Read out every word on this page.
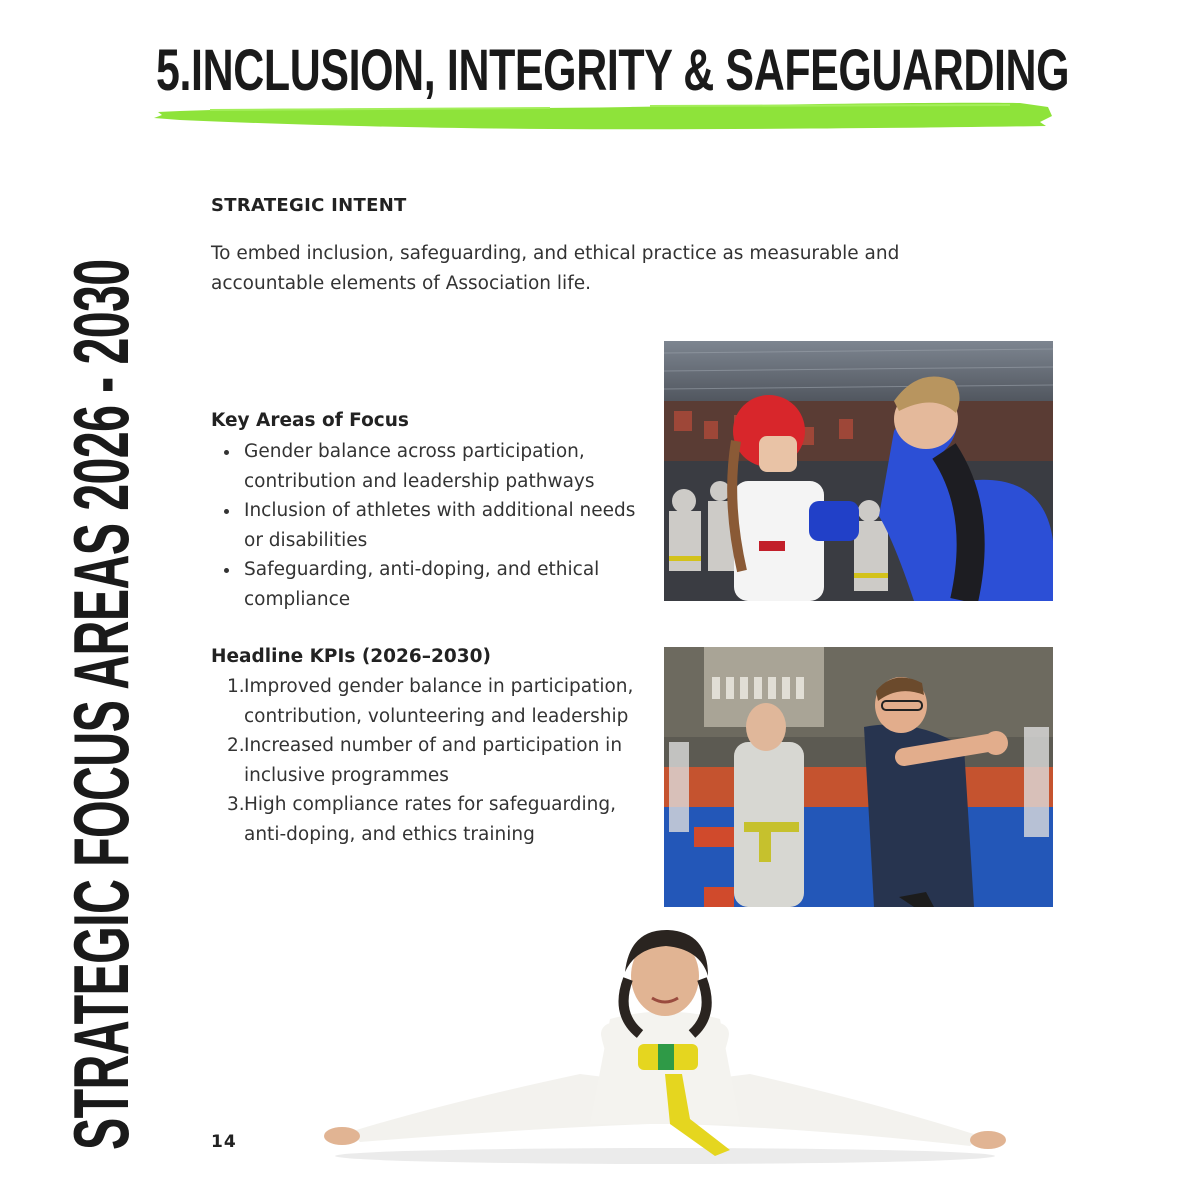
STRATEGIC FOCUS AREAS 2026 - 2030
5.INCLUSION, INTEGRITY & SAFEGUARDING
STRATEGIC INTENT
To embed inclusion, safeguarding, and ethical practice as measurable and accountable elements of Association life.
Key Areas of Focus
Gender balance across participation, contribution and leadership pathways
Inclusion of athletes with additional needs or disabilities
Safeguarding, anti-doping, and ethical compliance
Headline KPIs (2026–2030)
1. Improved gender balance in participation, contribution, volunteering and leadership
2. Increased number of and participation in inclusive programmes
3. High compliance rates for safeguarding, anti-doping, and ethics training
14
